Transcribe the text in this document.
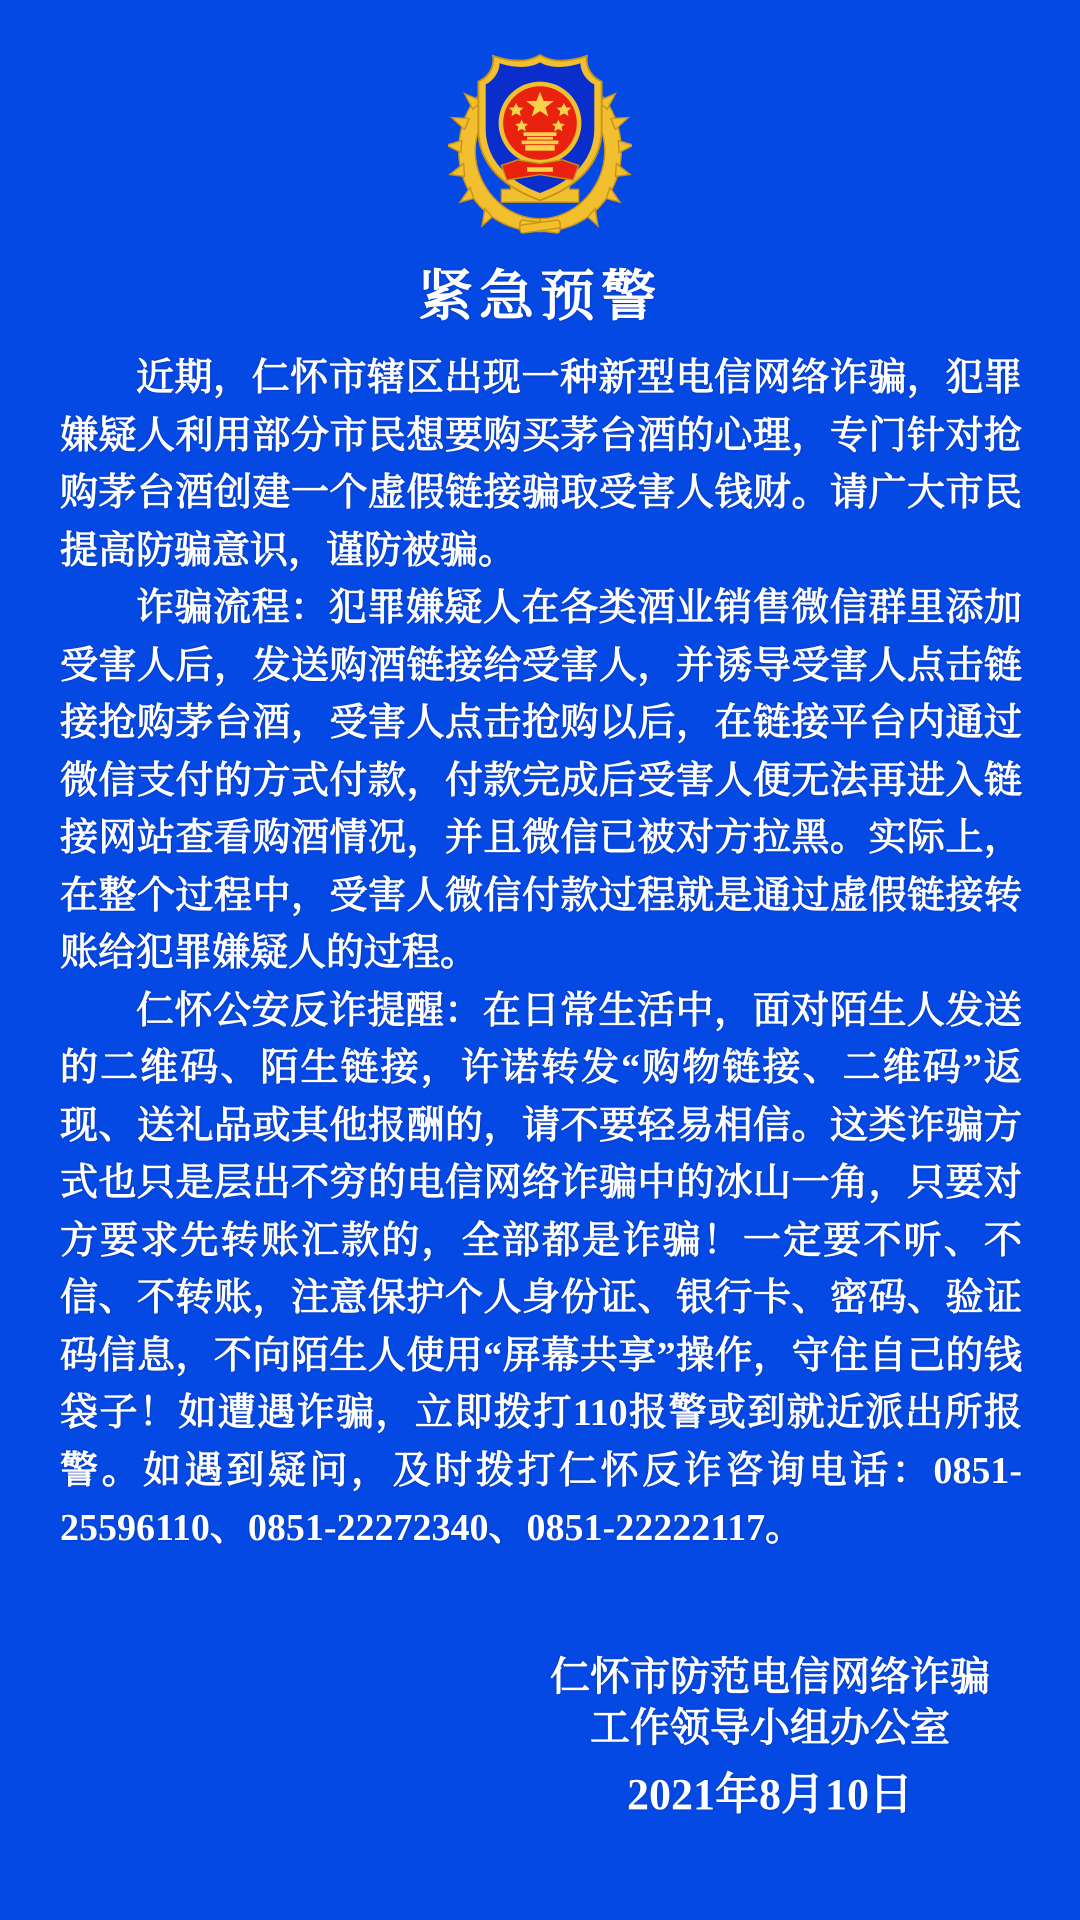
紧急预警

近期，仁怀市辖区出现一种新型电信网络诈骗，犯罪嫌疑人利用部分市民想要购买茅台酒的心理，专门针对抢购茅台酒创建一个虚假链接骗取受害人钱财。请广大市民提高防骗意识，谨防被骗。

诈骗流程：犯罪嫌疑人在各类酒业销售微信群里添加受害人后，发送购酒链接给受害人，并诱导受害人点击链接抢购茅台酒，受害人点击抢购以后，在链接平台内通过微信支付的方式付款，付款完成后受害人便无法再进入链接网站查看购酒情况，并且微信已被对方拉黑。实际上，在整个过程中，受害人微信付款过程就是通过虚假链接转账给犯罪嫌疑人的过程。

仁怀公安反诈提醒：在日常生活中，面对陌生人发送的二维码、陌生链接，许诺转发“购物链接、二维码”返现、送礼品或其他报酬的，请不要轻易相信。这类诈骗方式也只是层出不穷的电信网络诈骗中的冰山一角，只要对方要求先转账汇款的，全部都是诈骗！一定要不听、不信、不转账，注意保护个人身份证、银行卡、密码、验证码信息，不向陌生人使用“屏幕共享”操作，守住自己的钱袋子！如遭遇诈骗，立即拨打110报警或到就近派出所报警。如遇到疑问，及时拨打仁怀反诈咨询电话：0851-25596110、0851-22272340、0851-22222117。

仁怀市防范电信网络诈骗
工作领导小组办公室
2021年8月10日
